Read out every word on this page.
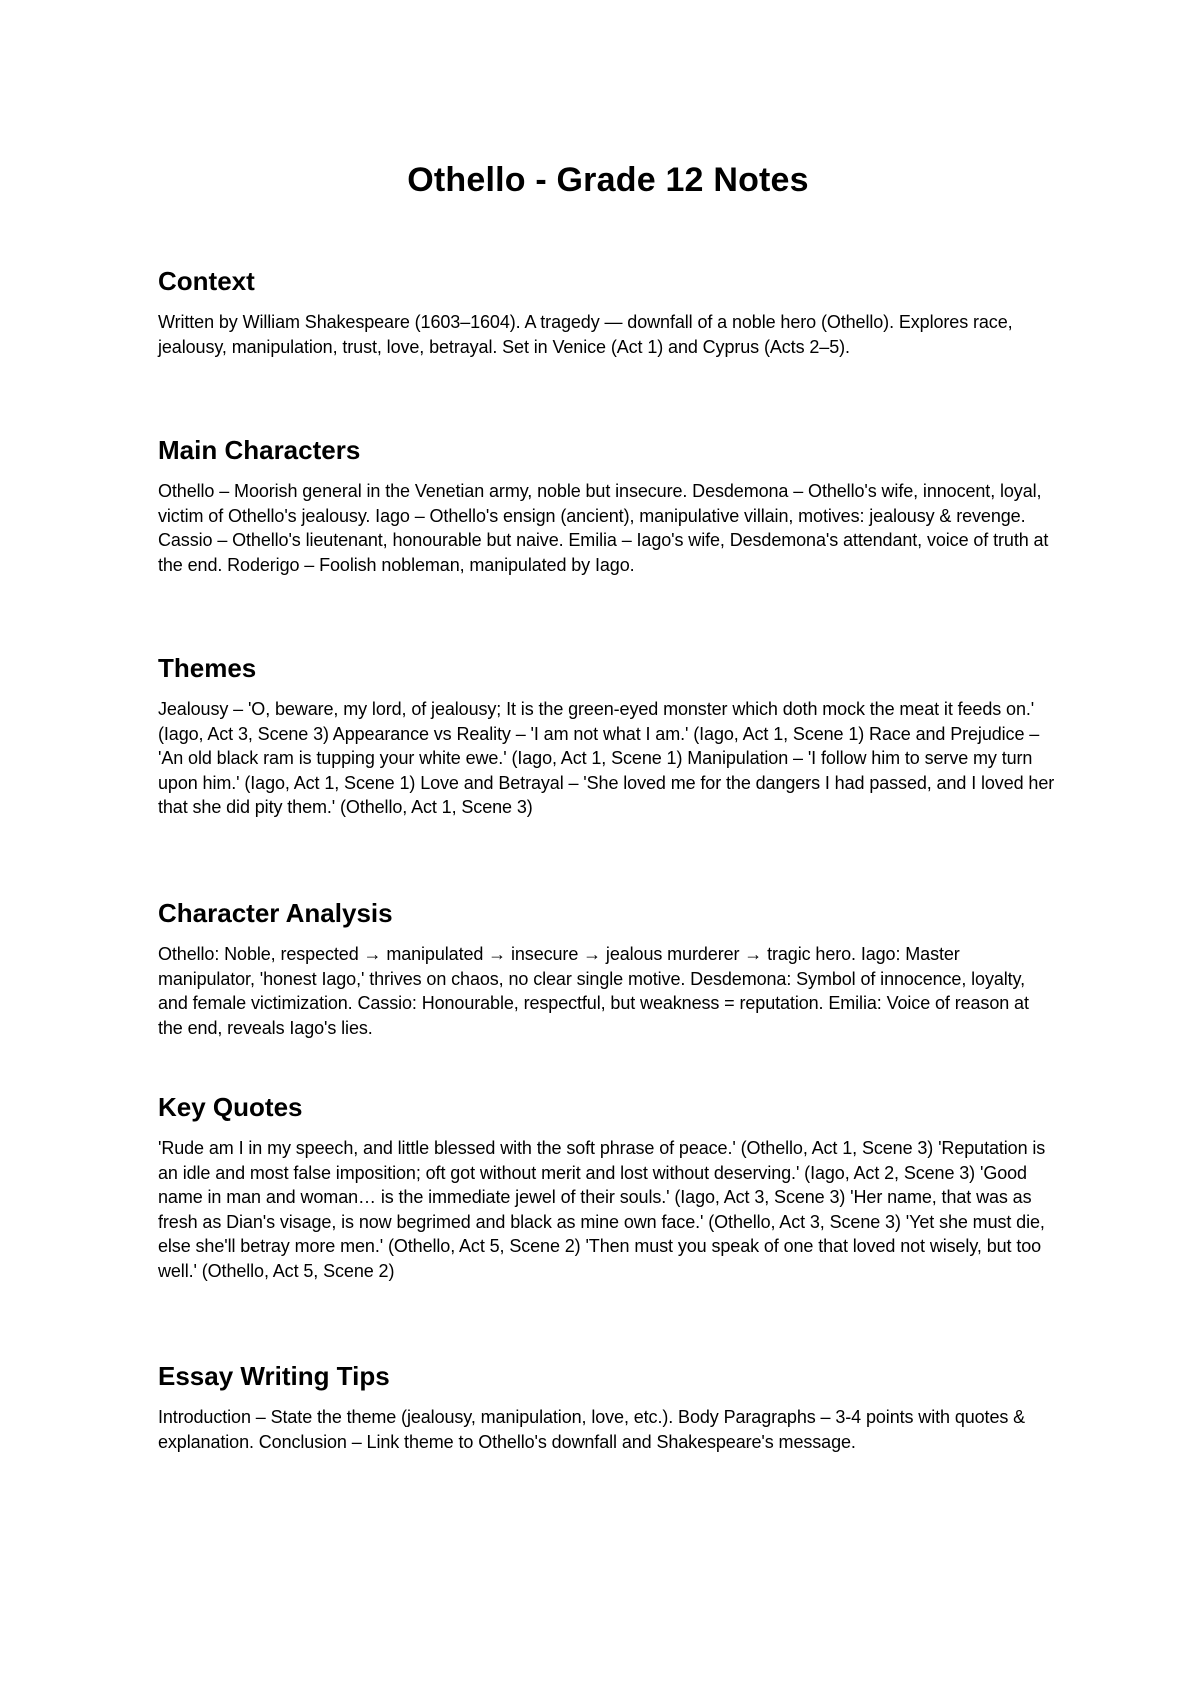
Othello - Grade 12 Notes
Context

Written by William Shakespeare (1603–1604). A tragedy — downfall of a noble hero (Othello). Explores race, jealousy, manipulation, trust, love, betrayal. Set in Venice (Act 1) and Cyprus (Acts 2–5).

Main Characters

Othello – Moorish general in the Venetian army, noble but insecure. Desdemona – Othello's wife, innocent, loyal, victim of Othello's jealousy. Iago – Othello's ensign (ancient), manipulative villain, motives: jealousy & revenge. Cassio – Othello's lieutenant, honourable but naive. Emilia – Iago's wife, Desdemona's attendant, voice of truth at the end. Roderigo – Foolish nobleman, manipulated by Iago.

Themes

Jealousy – 'O, beware, my lord, of jealousy; It is the green-eyed monster which doth mock the meat it feeds on.' (Iago, Act 3, Scene 3) Appearance vs Reality – 'I am not what I am.' (Iago, Act 1, Scene 1) Race and Prejudice – 'An old black ram is tupping your white ewe.' (Iago, Act 1, Scene 1) Manipulation – 'I follow him to serve my turn upon him.' (Iago, Act 1, Scene 1) Love and Betrayal – 'She loved me for the dangers I had passed, and I loved her that she did pity them.' (Othello, Act 1, Scene 3)

Character Analysis

Othello: Noble, respected → manipulated → insecure → jealous murderer → tragic hero. Iago: Master manipulator, 'honest Iago,' thrives on chaos, no clear single motive. Desdemona: Symbol of innocence, loyalty, and female victimization. Cassio: Honourable, respectful, but weakness = reputation. Emilia: Voice of reason at the end, reveals Iago's lies.

Key Quotes

'Rude am I in my speech, and little blessed with the soft phrase of peace.' (Othello, Act 1, Scene 3) 'Reputation is an idle and most false imposition; oft got without merit and lost without deserving.' (Iago, Act 2, Scene 3) 'Good name in man and woman… is the immediate jewel of their souls.' (Iago, Act 3, Scene 3) 'Her name, that was as fresh as Dian's visage, is now begrimed and black as mine own face.' (Othello, Act 3, Scene 3) 'Yet she must die, else she'll betray more men.' (Othello, Act 5, Scene 2) 'Then must you speak of one that loved not wisely, but too well.' (Othello, Act 5, Scene 2)

Essay Writing Tips

Introduction – State the theme (jealousy, manipulation, love, etc.). Body Paragraphs – 3-4 points with quotes & explanation. Conclusion – Link theme to Othello's downfall and Shakespeare's message.
